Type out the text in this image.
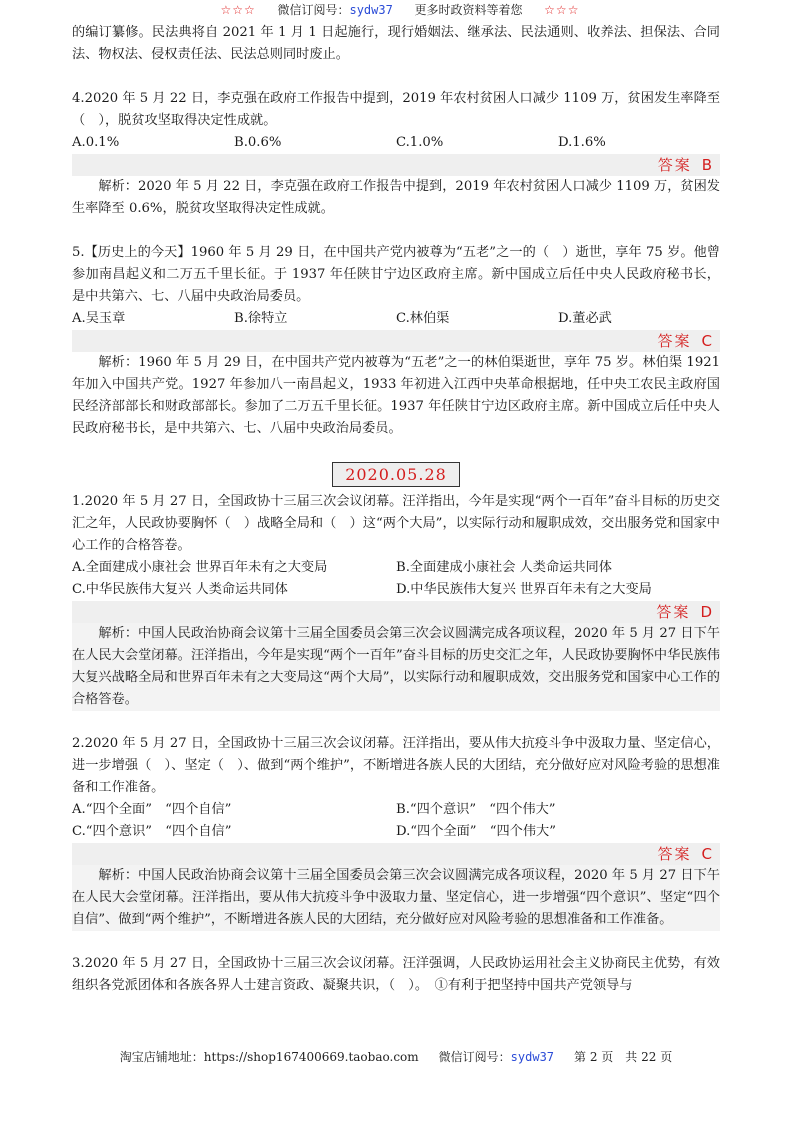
☆☆☆ 微信订阅号：sydw37 更多时政资料等着您 ☆☆☆

的编订纂修。民法典将自 2021 年 1 月 1 日起施行，现行婚姻法、继承法、民法通则、收养法、担保法、合同法、物权法、侵权责任法、民法总则同时废止。

4.2020 年 5 月 22 日，李克强在政府工作报告中提到，2019 年农村贫困人口减少 1109 万，贫困发生率降至（　），脱贫攻坚取得决定性成就。

A.0.1%	B.0.6%	C.1.0%	D.1.6%
答案 B

解析：2020 年 5 月 22 日，李克强在政府工作报告中提到，2019 年农村贫困人口减少 1109 万，贫困发生率降至 0.6%，脱贫攻坚取得决定性成就。

5.【历史上的今天】1960 年 5 月 29 日，在中国共产党内被尊为“五老”之一的（　）逝世，享年 75 岁。他曾参加南昌起义和二万五千里长征。于 1937 年任陕甘宁边区政府主席。新中国成立后任中央人民政府秘书长，是中共第六、七、八届中央政治局委员。

A.吴玉章	B.徐特立	C.林伯渠	D.董必武
答案 C

解析：1960 年 5 月 29 日，在中国共产党内被尊为“五老”之一的林伯渠逝世，享年 75 岁。林伯渠 1921 年加入中国共产党。1927 年参加八一南昌起义，1933 年初进入江西中央革命根据地，任中央工农民主政府国民经济部部长和财政部部长。参加了二万五千里长征。1937 年任陕甘宁边区政府主席。新中国成立后任中央人民政府秘书长，是中共第六、七、八届中央政治局委员。

2020.05.28

1.2020 年 5 月 27 日，全国政协十三届三次会议闭幕。汪洋指出，今年是实现“两个一百年”奋斗目标的历史交汇之年，人民政协要胸怀（　）战略全局和（　）这“两个大局”，以实际行动和履职成效，交出服务党和国家中心工作的合格答卷。

A.全面建成小康社会 世界百年未有之大变局	B.全面建成小康社会 人类命运共同体
C.中华民族伟大复兴 人类命运共同体	D.中华民族伟大复兴 世界百年未有之大变局
答案 D

解析：中国人民政治协商会议第十三届全国委员会第三次会议圆满完成各项议程，2020 年 5 月 27 日下午在人民大会堂闭幕。汪洋指出，今年是实现“两个一百年”奋斗目标的历史交汇之年，人民政协要胸怀中华民族伟大复兴战略全局和世界百年未有之大变局这“两个大局”，以实际行动和履职成效，交出服务党和国家中心工作的合格答卷。

2.2020 年 5 月 27 日，全国政协十三届三次会议闭幕。汪洋指出，要从伟大抗疫斗争中汲取力量、坚定信心，进一步增强（　）、坚定（　）、做到“两个维护”，不断增进各族人民的大团结，充分做好应对风险考验的思想准备和工作准备。

A.“四个全面”　“四个自信”	B.“四个意识”　“四个伟大”
C.“四个意识”　“四个自信”	D.“四个全面”　“四个伟大”
答案 C

解析：中国人民政治协商会议第十三届全国委员会第三次会议圆满完成各项议程，2020 年 5 月 27 日下午在人民大会堂闭幕。汪洋指出，要从伟大抗疫斗争中汲取力量、坚定信心，进一步增强“四个意识”、坚定“四个自信”、做到“两个维护”，不断增进各族人民的大团结，充分做好应对风险考验的思想准备和工作准备。

3.2020 年 5 月 27 日，全国政协十三届三次会议闭幕。汪洋强调，人民政协运用社会主义协商民主优势，有效组织各党派团体和各族各界人士建言资政、凝聚共识，（　）。　①有利于把坚持中国共产党领导与

淘宝店铺地址：https://shop167400669.taobao.com 微信订阅号：sydw37 第 2 页　共 22 页
